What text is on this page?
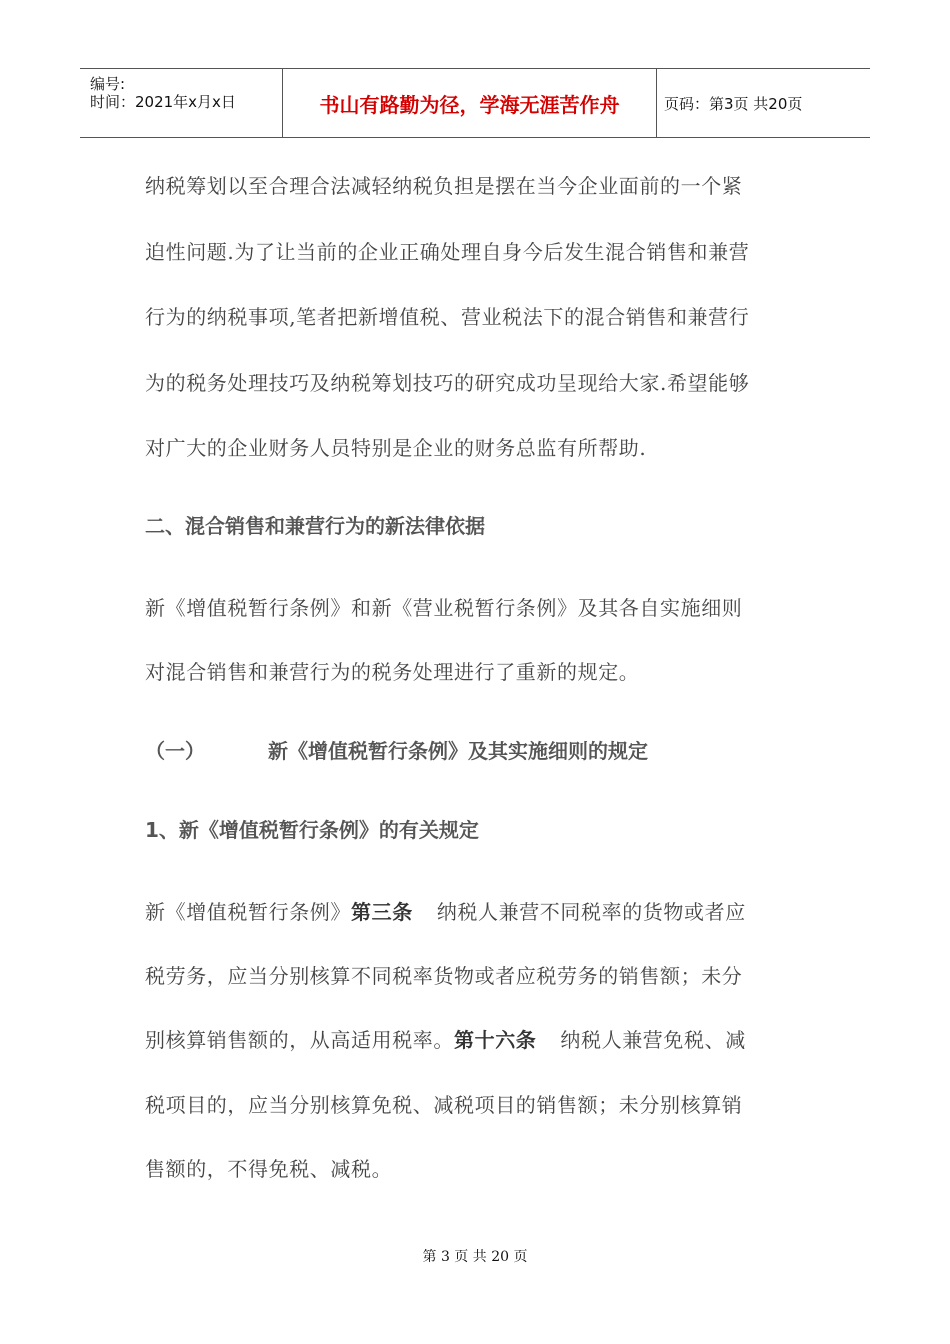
编号:
时间：2021年x月x日	书山有路勤为径，学海无涯苦作舟	页码：第3页 共20页
纳税筹划以至合理合法减轻纳税负担是摆在当今企业面前的一个紧
迫性问题.为了让当前的企业正确处理自身今后发生混合销售和兼营
行为的纳税事项,笔者把新增值税、营业税法下的混合销售和兼营行
为的税务处理技巧及纳税筹划技巧的研究成功呈现给大家.希望能够
对广大的企业财务人员特别是企业的财务总监有所帮助.
二、混合销售和兼营行为的新法律依据
新《增值税暂行条例》和新《营业税暂行条例》及其各自实施细则
对混合销售和兼营行为的税务处理进行了重新的规定。
（一）	新《增值税暂行条例》及其实施细则的规定
1、新《增值税暂行条例》的有关规定
新《增值税暂行条例》第三条 纳税人兼营不同税率的货物或者应
税劳务，应当分别核算不同税率货物或者应税劳务的销售额；未分
别核算销售额的，从高适用税率。第十六条 纳税人兼营免税、减
税项目的，应当分别核算免税、减税项目的销售额；未分别核算销
售额的，不得免税、减税。
第 3 页 共 20 页
